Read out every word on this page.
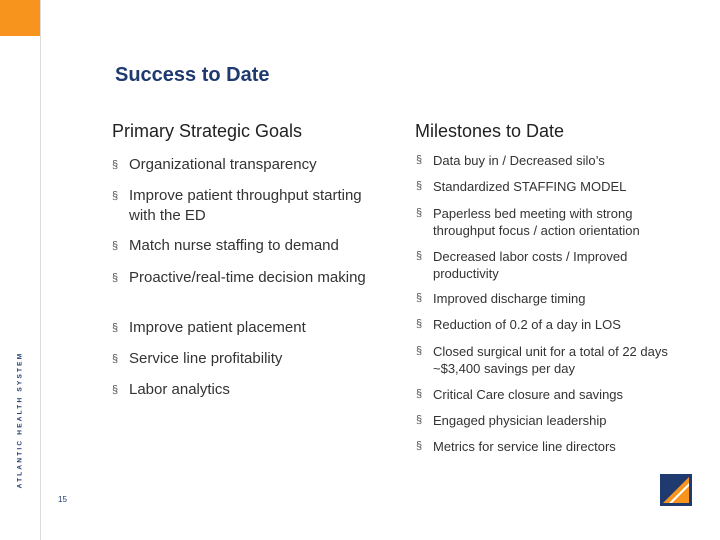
ATLANTIC HEALTH SYSTEM
Success to Date
Primary Strategic Goals	Milestones to Date
§ Organizational transparency
§ Improve patient throughput starting with the ED
§ Match nurse staffing to demand
§ Proactive/real-time decision making
§ Improve patient placement
§ Service line profitability
§ Labor analytics
§ Data buy in / Decreased silo’s
§ Standardized STAFFING MODEL
§ Paperless bed meeting with strong throughput focus / action orientation
§ Decreased labor costs / Improved productivity
§ Improved discharge timing
§ Reduction of 0.2 of a day in LOS
§ Closed surgical unit for a total of 22 days ~$3,400 savings per day
§ Critical Care closure and savings
§ Engaged physician leadership
§ Metrics for service line directors
15
